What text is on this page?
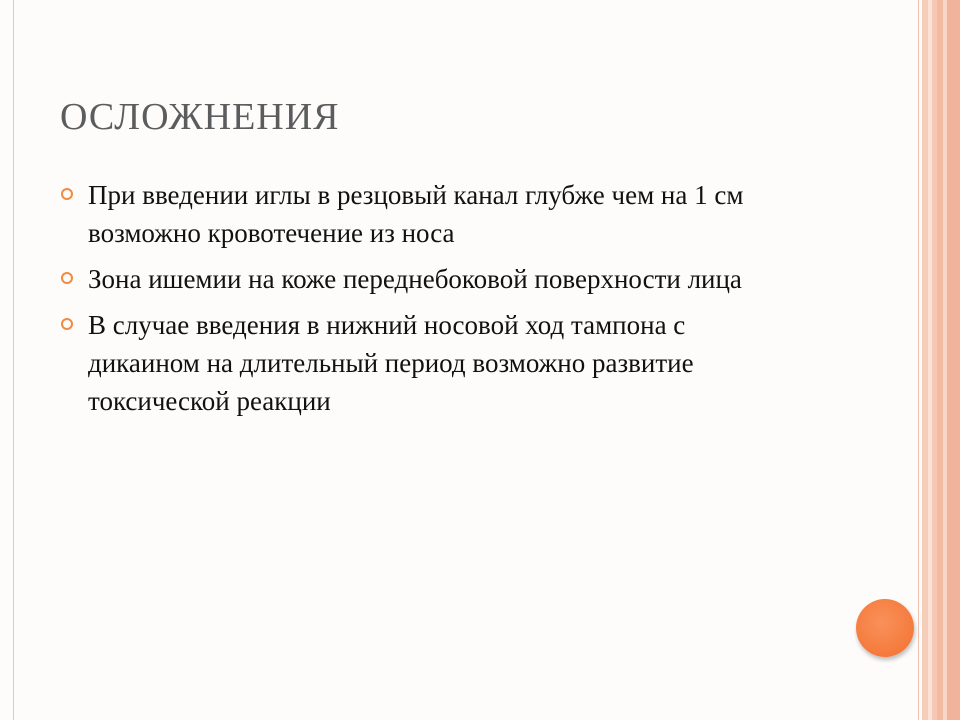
ОСЛОЖНЕНИЯ
При введении иглы в резцовый канал глубже чем на 1 см возможно кровотечение из носа
Зона ишемии на коже переднебоковой поверхности лица
В случае введения в нижний носовой ход тампона с дикаином на длительный период возможно развитие токсической реакции
